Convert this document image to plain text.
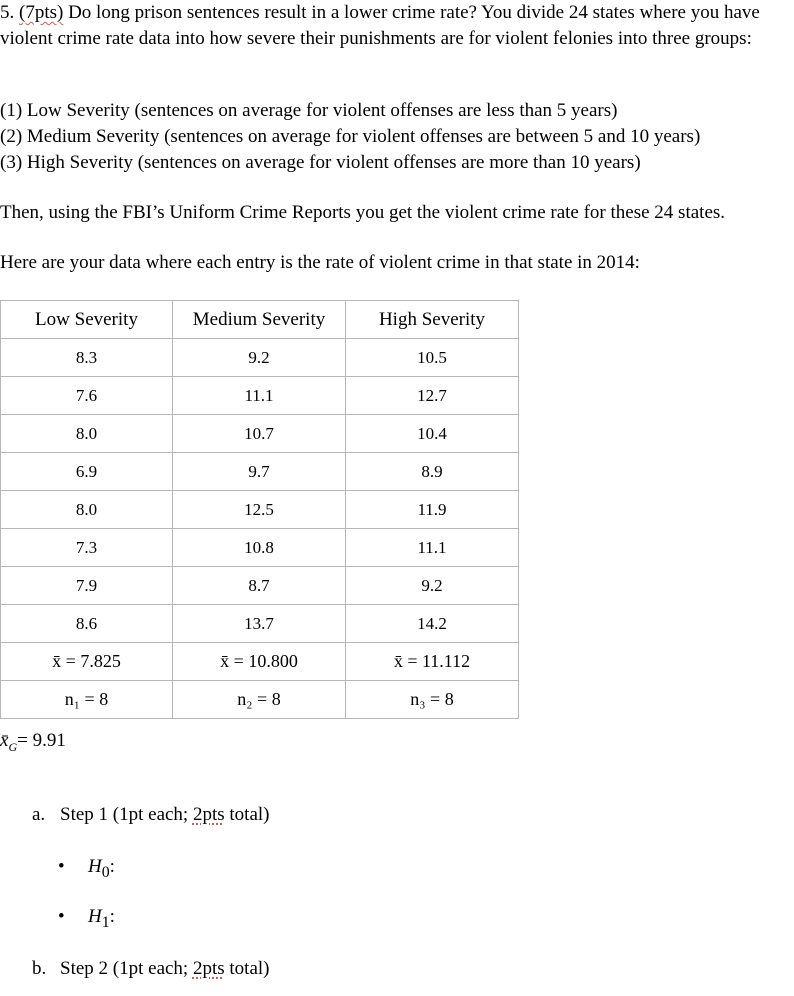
5. (7pts) Do long prison sentences result in a lower crime rate? You divide 24 states where you have violent crime rate data into how severe their punishments are for violent felonies into three groups:

(1) Low Severity (sentences on average for violent offenses are less than 5 years)
(2) Medium Severity (sentences on average for violent offenses are between 5 and 10 years)
(3) High Severity (sentences on average for violent offenses are more than 10 years)

Then, using the FBI’s Uniform Crime Reports you get the violent crime rate for these 24 states.

Here are your data where each entry is the rate of violent crime in that state in 2014:

Low Severity	Medium Severity	High Severity
8.3	9.2	10.5
7.6	11.1	12.7
8.0	10.7	10.4
6.9	9.7	8.9
8.0	12.5	11.9
7.3	10.8	11.1
7.9	8.7	9.2
8.6	13.7	14.2
x̄ = 7.825	x̄ = 10.800	x̄ = 11.112
n₁ = 8	n₂ = 8	n₃ = 8
$x̄_G= 9.91$
a. Step 1 (1pt each; 2pts total)
• $H_0$:
• $H_1$:
b. Step 2 (1pt each; 2pts total)
